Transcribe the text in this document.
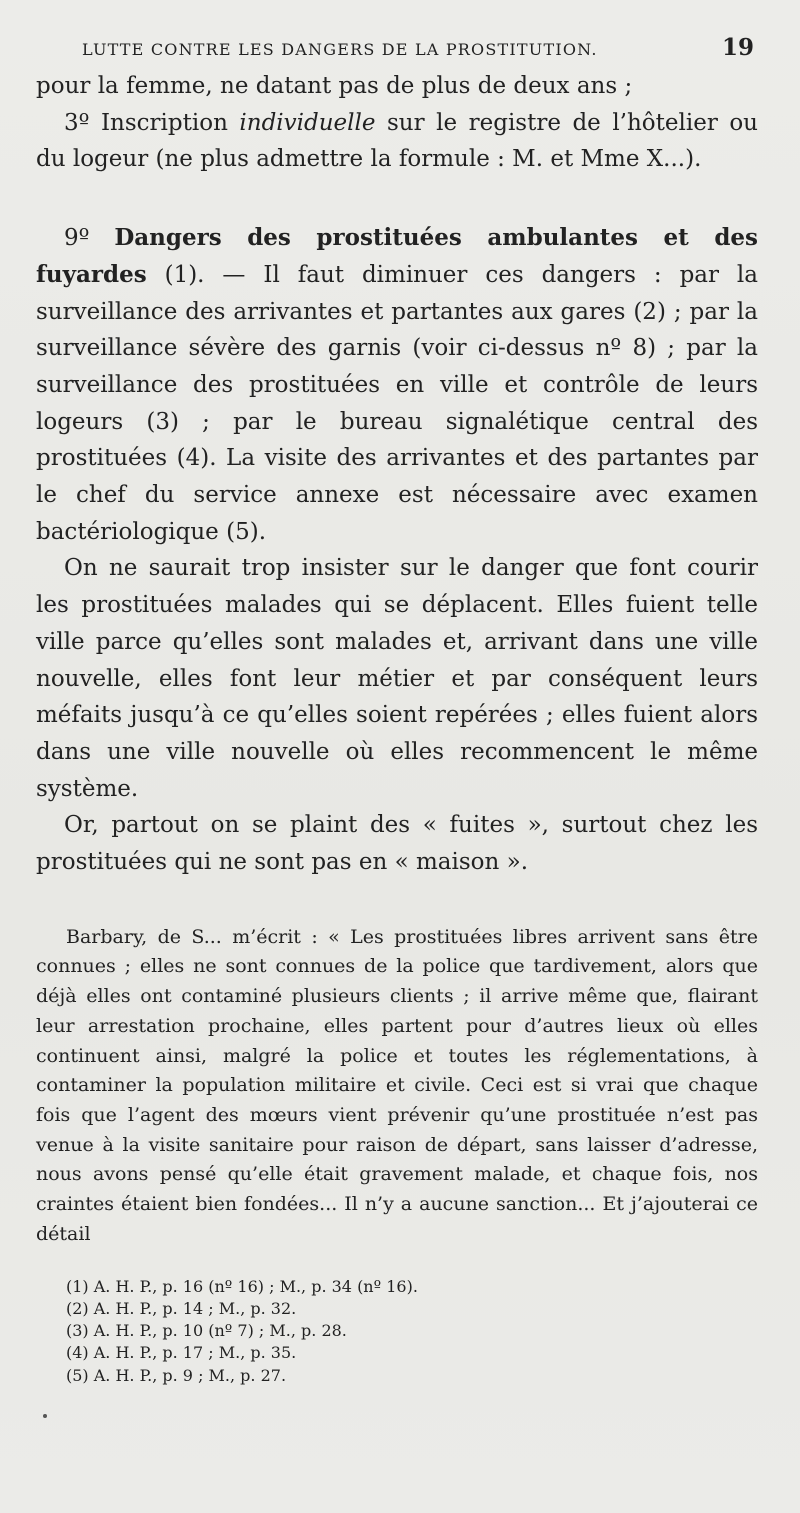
LUTTE CONTRE LES DANGERS DE LA PROSTITUTION.	19

pour la femme, ne datant pas de plus de deux ans ;

3º Inscription individuelle sur le registre de l’hôtelier ou du logeur (ne plus admettre la formule : M. et Mme X...).

9º Dangers des prostituées ambulantes et des fuyardes (1). — Il faut diminuer ces dangers : par la surveillance des arrivantes et partantes aux gares (2) ; par la surveillance sévère des garnis (voir ci-dessus nº 8) ; par la surveillance des prostituées en ville et contrôle de leurs logeurs (3) ; par le bureau signalétique central des prostituées (4). La visite des arrivantes et des partantes par le chef du service annexe est nécessaire avec examen bactériologique (5).

On ne saurait trop insister sur le danger que font courir les prostituées malades qui se déplacent. Elles fuient telle ville parce qu’elles sont malades et, arrivant dans une ville nouvelle, elles font leur métier et par conséquent leurs méfaits jusqu’à ce qu’elles soient repérées ; elles fuient alors dans une ville nouvelle où elles recommencent le même système.

Or, partout on se plaint des « fuites », surtout chez les prostituées qui ne sont pas en « maison ».

Barbary, de S... m’écrit : « Les prostituées libres arrivent sans être connues ; elles ne sont connues de la police que tardivement, alors que déjà elles ont contaminé plusieurs clients ; il arrive même que, flairant leur arrestation prochaine, elles partent pour d’autres lieux où elles continuent ainsi, malgré la police et toutes les réglementations, à contaminer la population militaire et civile. Ceci est si vrai que chaque fois que l’agent des mœurs vient prévenir qu’une prostituée n’est pas venue à la visite sanitaire pour raison de départ, sans laisser d’adresse, nous avons pensé qu’elle était gravement malade, et chaque fois, nos craintes étaient bien fondées... Il n’y a aucune sanction... Et j’ajouterai ce détail

(1) A. H. P., p. 16 (nº 16) ; M., p. 34 (nº 16).
(2) A. H. P., p. 14 ; M., p. 32.
(3) A. H. P., p. 10 (nº 7) ; M., p. 28.
(4) A. H. P., p. 17 ; M., p. 35.
(5) A. H. P., p. 9 ; M., p. 27.
